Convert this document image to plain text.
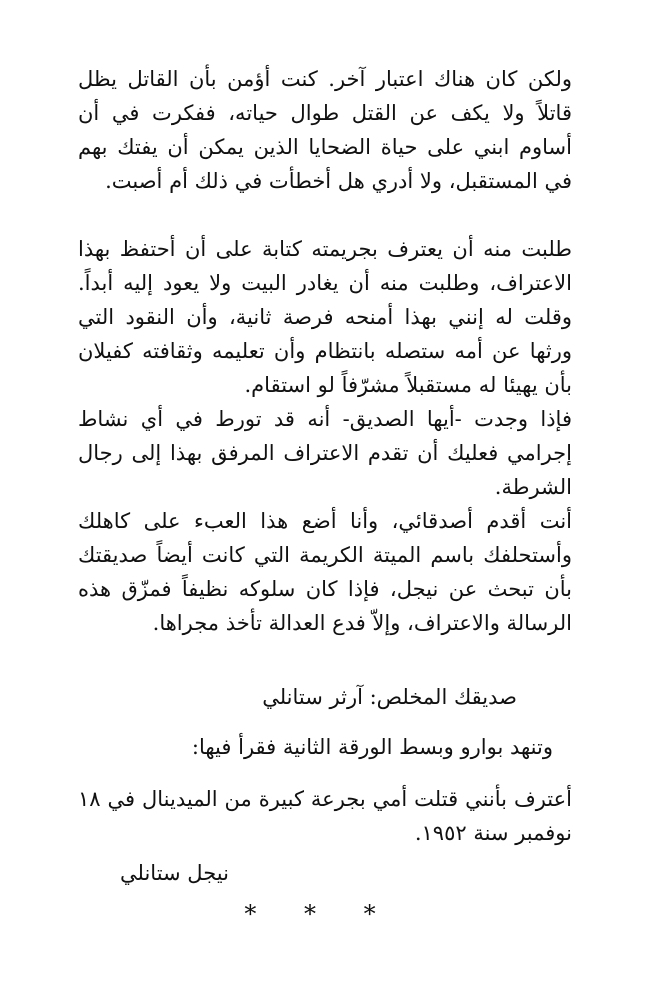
ولكن كان هناك اعتبار آخر. كنت أؤمن بأن القاتل يظل قاتلاً ولا يكف عن القتل طوال حياته، ففكرت في أن أساوم ابني على حياة الضحايا الذين يمكن أن يفتك بهم في المستقبل، ولا أدري هل أخطأت في ذلك أم أصبت.

طلبت منه أن يعترف بجريمته كتابة على أن أحتفظ بهذا الاعتراف، وطلبت منه أن يغادر البيت ولا يعود إليه أبداً. وقلت له إنني بهذا أمنحه فرصة ثانية، وأن النقود التي ورثها عن أمه ستصله بانتظام وأن تعليمه وثقافته كفيلان بأن يهيئا له مستقبلاً مشرّفاً لو استقام.

فإذا وجدت -أيها الصديق- أنه قد تورط في أي نشاط إجرامي فعليك أن تقدم الاعتراف المرفق بهذا إلى رجال الشرطة.

أنت أقدم أصدقائي، وأنا أضع هذا العبء على كاهلك وأستحلفك باسم الميتة الكريمة التي كانت أيضاً صديقتك بأن تبحث عن نيجل، فإذا كان سلوكه نظيفاً فمزّق هذه الرسالة والاعتراف، وإلاّ فدع العدالة تأخذ مجراها.

صديقك المخلص: آرثر ستانلي

وتنهد بوارو وبسط الورقة الثانية فقرأ فيها:

أعترف بأنني قتلت أمي بجرعة كبيرة من الميدينال في ١٨ نوفمبر سنة ١٩٥٢.

نيجل ستانلي

* * *
